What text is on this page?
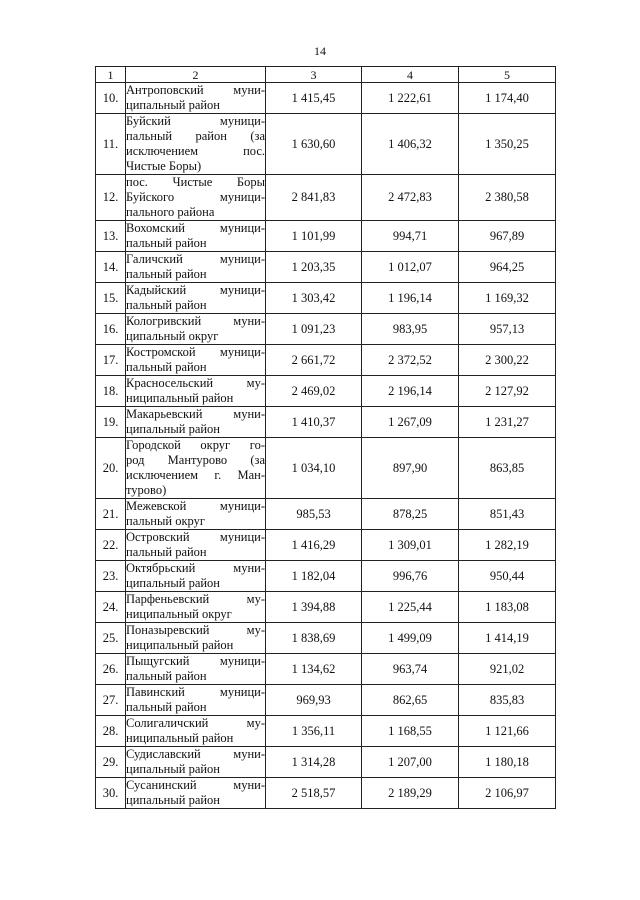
14
1	2	3	4	5
10.	Антроповский муни-
ципальный район	1 415,45	1 222,61	1 174,40
11.	Буйский муници-
пальный район (за
исключением пос.
Чистые Боры)	1 630,60	1 406,32	1 350,25
12.	пос. Чистые Боры
Буйского муници-
пального района	2 841,83	2 472,83	2 380,58
13.	Вохомский муници-
пальный район	1 101,99	994,71	967,89
14.	Галичский муници-
пальный район	1 203,35	1 012,07	964,25
15.	Кадыйский муници-
пальный район	1 303,42	1 196,14	1 169,32
16.	Кологривский муни-
ципальный округ	1 091,23	983,95	957,13
17.	Костромской муници-
пальный район	2 661,72	2 372,52	2 300,22
18.	Красносельский му-
ниципальный район	2 469,02	2 196,14	2 127,92
19.	Макарьевский муни-
ципальный район	1 410,37	1 267,09	1 231,27
20.	Городской округ го-
род Мантурово (за
исключением г. Ман-
турово)	1 034,10	897,90	863,85
21.	Межевской муници-
пальный округ	985,53	878,25	851,43
22.	Островский муници-
пальный район	1 416,29	1 309,01	1 282,19
23.	Октябрьский муни-
ципальный район	1 182,04	996,76	950,44
24.	Парфеньевский му-
ниципальный округ	1 394,88	1 225,44	1 183,08
25.	Поназыревский му-
ниципальный район	1 838,69	1 499,09	1 414,19
26.	Пыщугский муници-
пальный район	1 134,62	963,74	921,02
27.	Павинский муници-
пальный район	969,93	862,65	835,83
28.	Солигаличский му-
ниципальный район	1 356,11	1 168,55	1 121,66
29.	Судиславский муни-
ципальный район	1 314,28	1 207,00	1 180,18
30.	Сусанинский муни-
ципальный район	2 518,57	2 189,29	2 106,97
